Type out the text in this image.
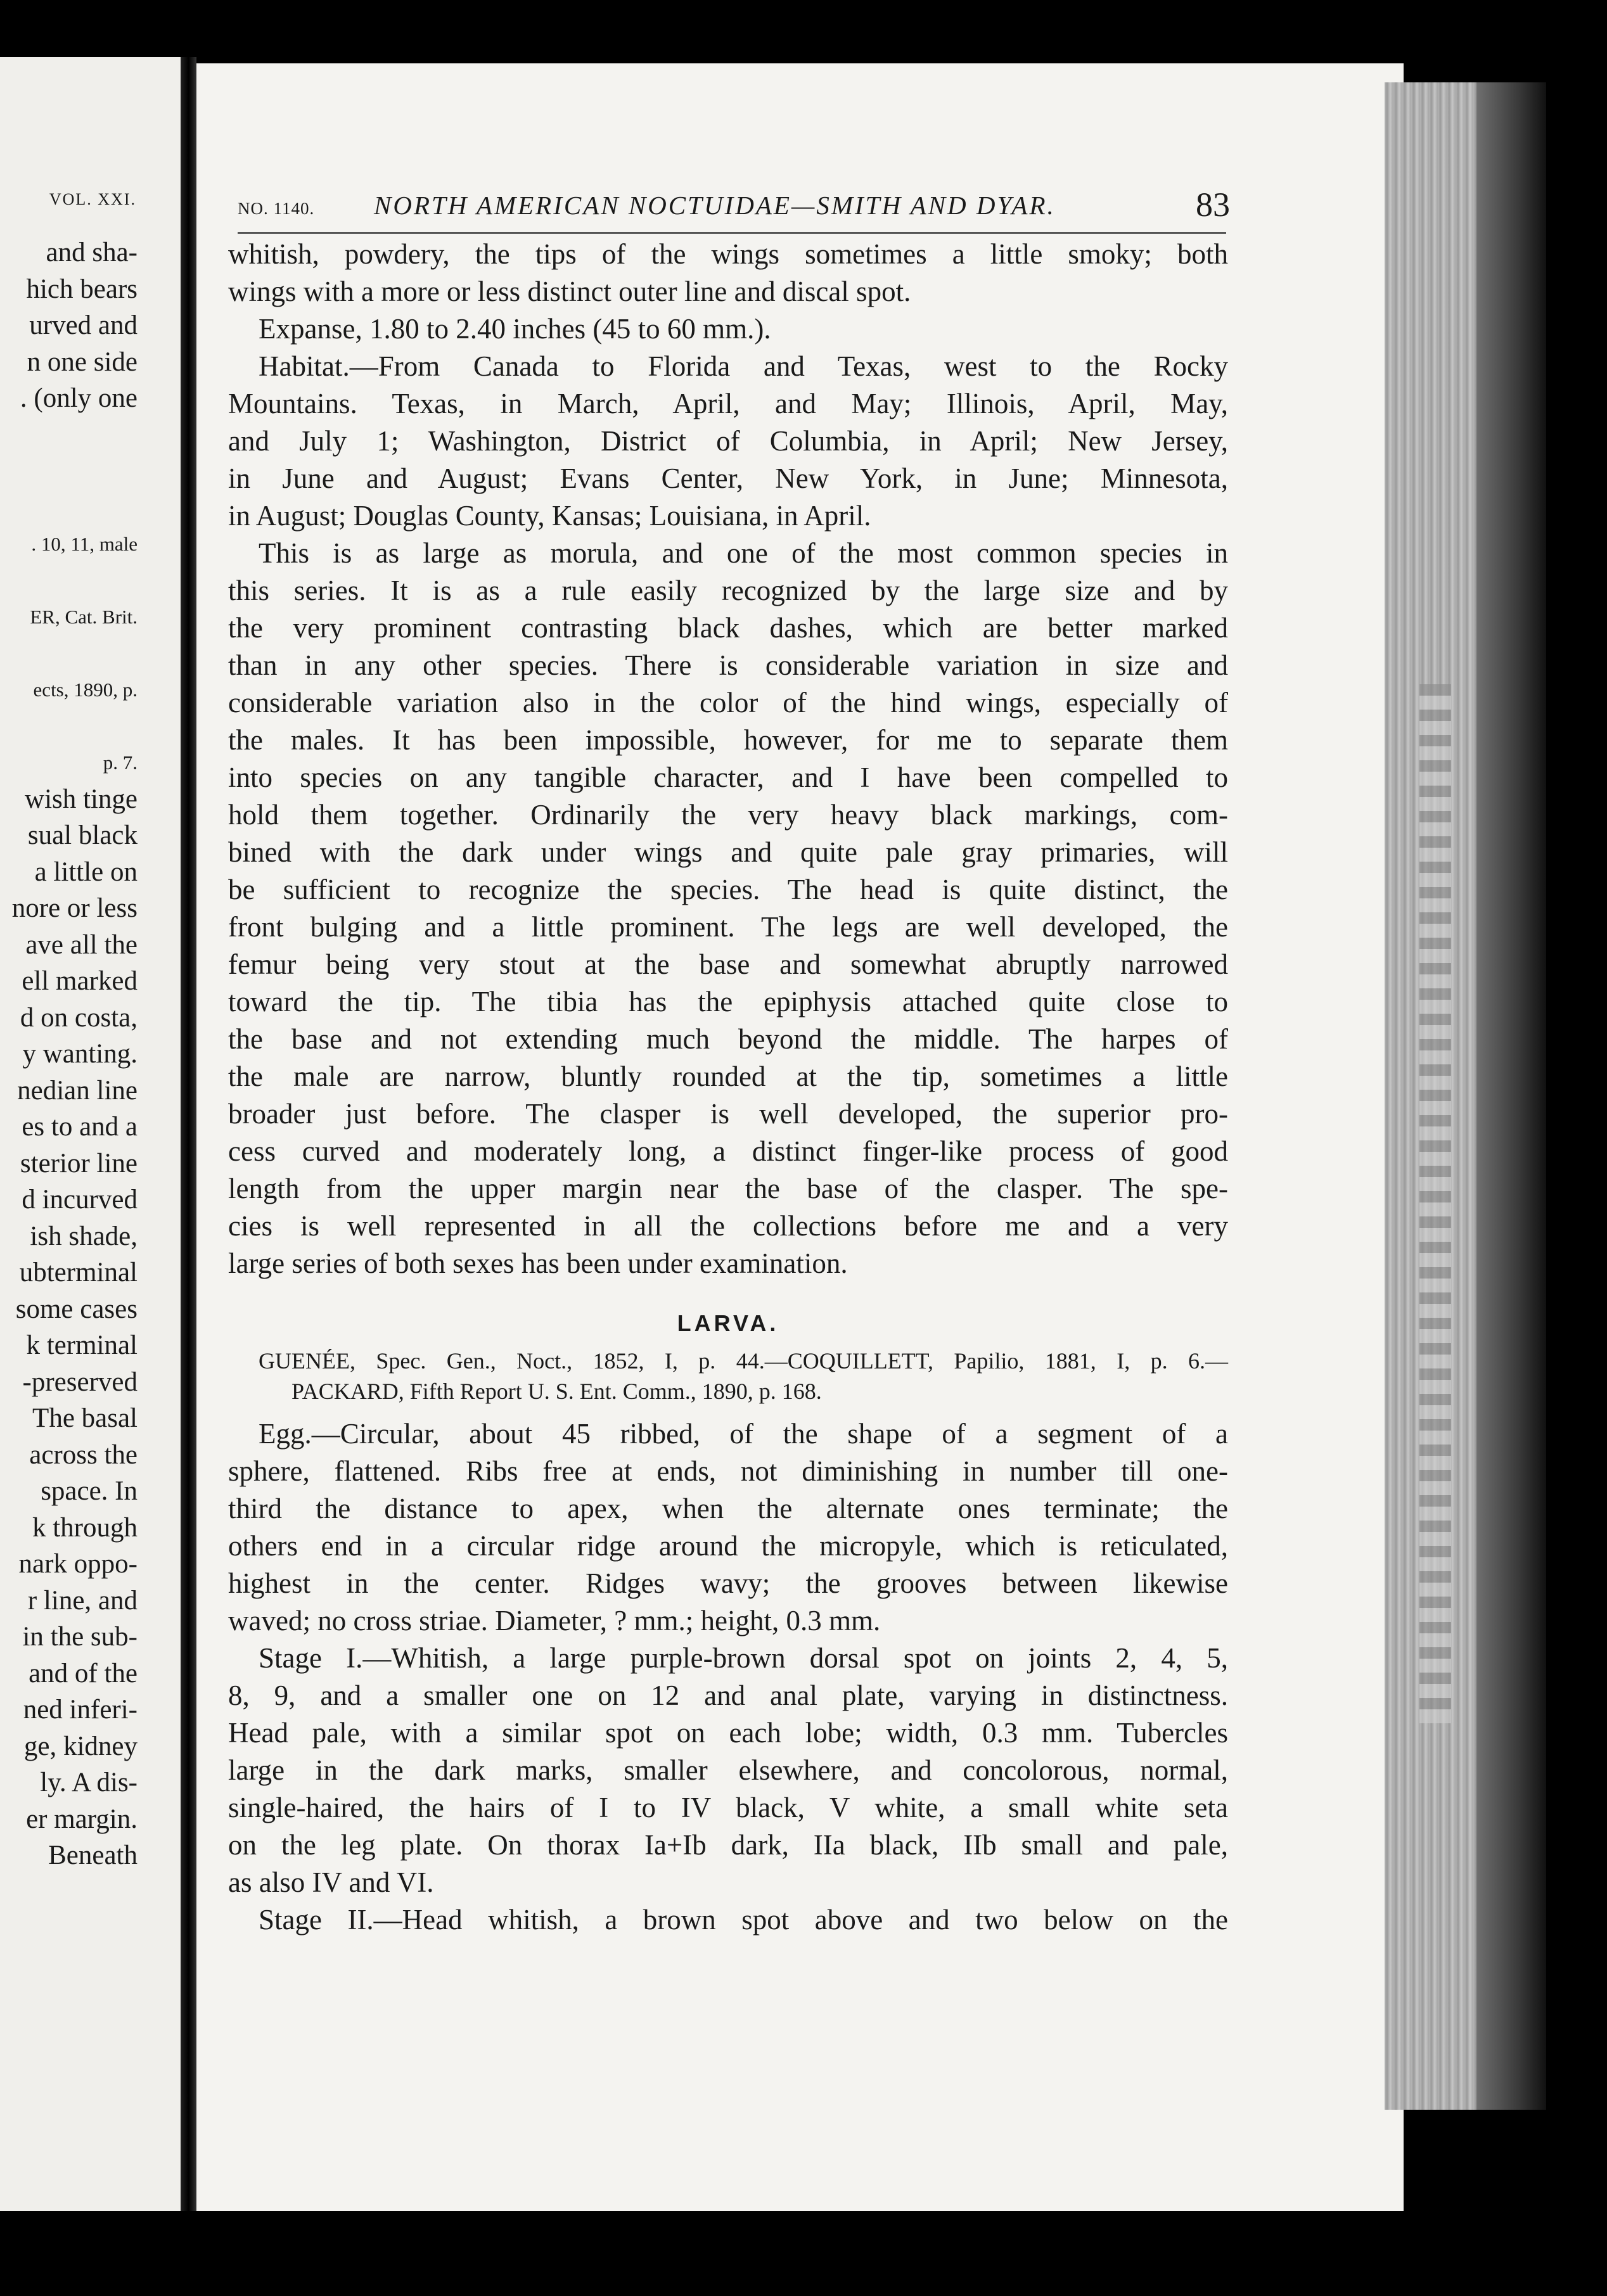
VOL. XXI.
and sha-
hich bears
urved and
n one side
. (only one
. 10, 11, male
ER, Cat. Brit.
ects, 1890, p.
p. 7.
wish tinge
sual black
a little on
nore or less
ave all the
ell marked
d on costa,
y wanting.
nedian line
es to and a
sterior line
d incurved
ish shade,
ubterminal
some cases
k terminal
-preserved
The basal
across the
space. In
k through
nark oppo-
r line, and
in the sub-
and of the
ned inferi-
ge, kidney
ly. A dis-
er margin.
Beneath
NO. 1140. NORTH AMERICAN NOCTUIDAE—SMITH AND DYAR.	83
whitish, powdery, the tips of the wings sometimes a little smoky; both
wings with a more or less distinct outer line and discal spot.
Expanse, 1.80 to 2.40 inches (45 to 60 mm.).
Habitat.—From Canada to Florida and Texas, west to the Rocky
Mountains. Texas, in March, April, and May; Illinois, April, May,
and July 1; Washington, District of Columbia, in April; New Jersey,
in June and August; Evans Center, New York, in June; Minnesota,
in August; Douglas County, Kansas; Louisiana, in April.
This is as large as morula, and one of the most common species in
this series. It is as a rule easily recognized by the large size and by
the very prominent contrasting black dashes, which are better marked
than in any other species. There is considerable variation in size and
considerable variation also in the color of the hind wings, especially of
the males. It has been impossible, however, for me to separate them
into species on any tangible character, and I have been compelled to
hold them together. Ordinarily the very heavy black markings, com-
bined with the dark under wings and quite pale gray primaries, will
be sufficient to recognize the species. The head is quite distinct, the
front bulging and a little prominent. The legs are well developed, the
femur being very stout at the base and somewhat abruptly narrowed
toward the tip. The tibia has the epiphysis attached quite close to
the base and not extending much beyond the middle. The harpes of
the male are narrow, bluntly rounded at the tip, sometimes a little
broader just before. The clasper is well developed, the superior pro-
cess curved and moderately long, a distinct finger-like process of good
length from the upper margin near the base of the clasper. The spe-
cies is well represented in all the collections before me and a very
large series of both sexes has been under examination.
LARVA.
GUENÉE, Spec. Gen., Noct., 1852, I, p. 44.—COQUILLETT, Papilio, 1881, I, p. 6.—
PACKARD, Fifth Report U. S. Ent. Comm., 1890, p. 168.
Egg.—Circular, about 45 ribbed, of the shape of a segment of a
sphere, flattened. Ribs free at ends, not diminishing in number till one-
third the distance to apex, when the alternate ones terminate; the
others end in a circular ridge around the micropyle, which is reticulated,
highest in the center. Ridges wavy; the grooves between likewise
waved; no cross striae. Diameter, ? mm.; height, 0.3 mm.
Stage I.—Whitish, a large purple-brown dorsal spot on joints 2, 4, 5,
8, 9, and a smaller one on 12 and anal plate, varying in distinctness.
Head pale, with a similar spot on each lobe; width, 0.3 mm. Tubercles
large in the dark marks, smaller elsewhere, and concolorous, normal,
single-haired, the hairs of I to IV black, V white, a small white seta
on the leg plate. On thorax Ia+Ib dark, IIa black, IIb small and pale,
as also IV and VI.
Stage II.—Head whitish, a brown spot above and two below on the
